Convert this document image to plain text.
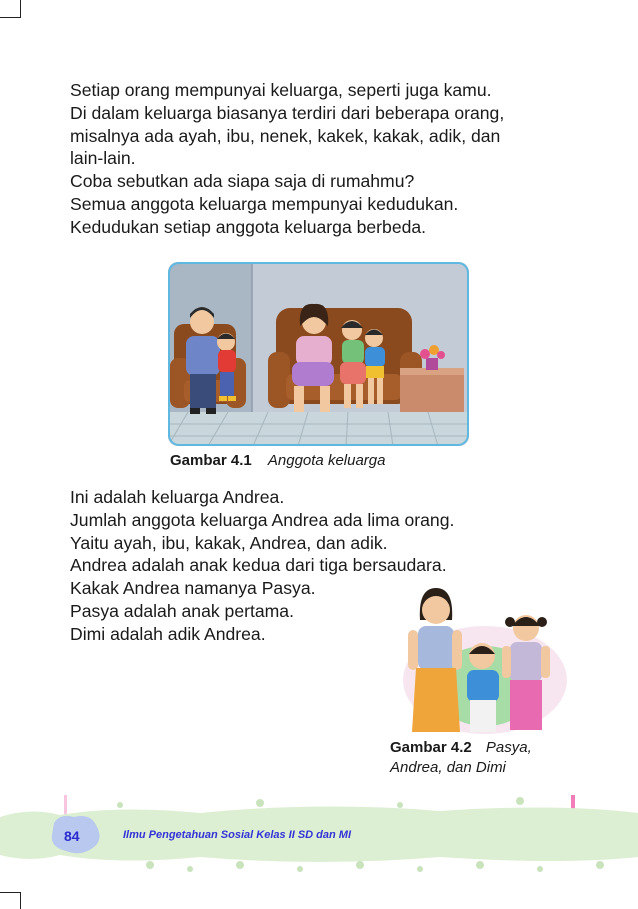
Setiap orang mempunyai keluarga, seperti juga kamu.
Di dalam keluarga biasanya terdiri dari beberapa orang,
misalnya ada ayah, ibu, nenek, kakek, kakak, adik, dan
lain-lain.
Coba sebutkan ada siapa saja di rumahmu?
Semua anggota keluarga mempunyai kedudukan.
Kedudukan setiap anggota keluarga berbeda.
Gambar 4.1 Anggota keluarga
Ini adalah keluarga Andrea.
Jumlah anggota keluarga Andrea ada lima orang.
Yaitu ayah, ibu, kakak, Andrea, dan adik.
Andrea adalah anak kedua dari tiga bersaudara.
Kakak Andrea namanya Pasya.
Pasya adalah anak pertama.
Dimi adalah adik Andrea.
Gambar 4.2 Pasya,
Andrea, dan Dimi
84	Ilmu Pengetahuan Sosial Kelas II SD dan MI
